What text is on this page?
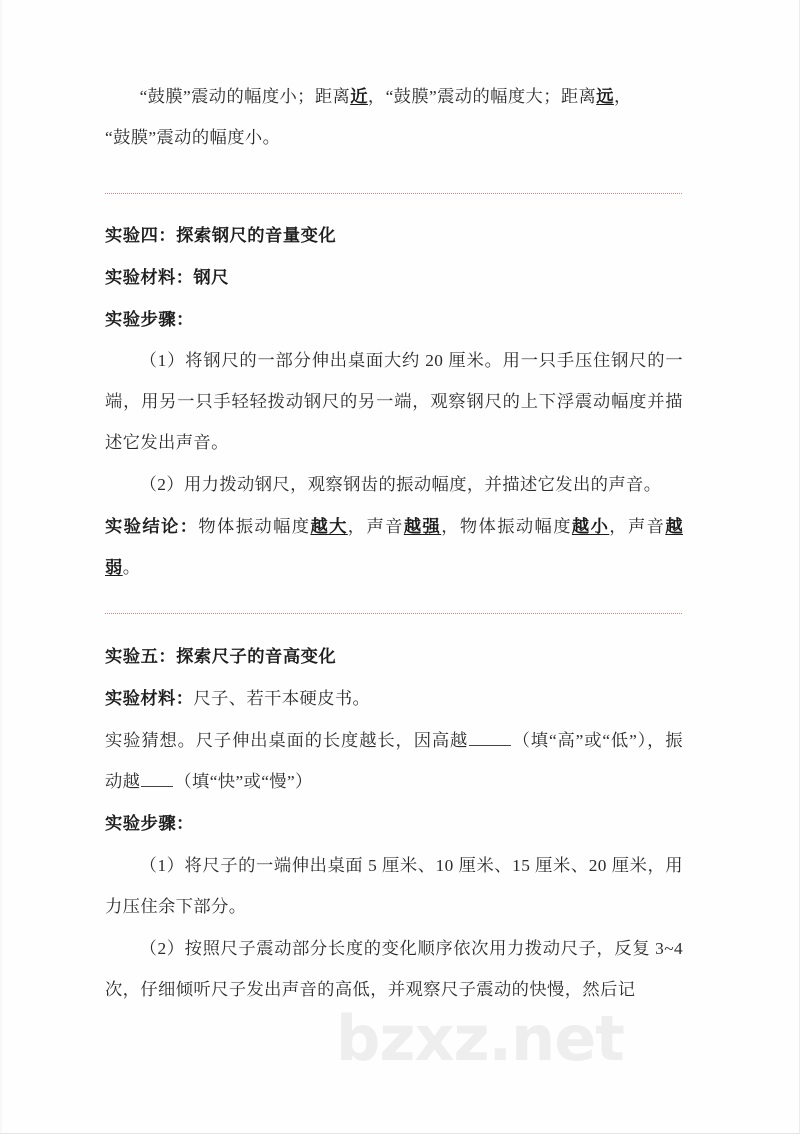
bzxz.net
“鼓膜”震动的幅度小；距离近，“鼓膜”震动的幅度大；距离远，
“鼓膜”震动的幅度小。
实验四：探索钢尺的音量变化
实验材料：钢尺
实验步骤：
（1）将钢尺的一部分伸出桌面大约 20 厘米。用一只手压住钢尺的一端，用另一只手轻轻拨动钢尺的另一端，观察钢尺的上下浮震动幅度并描述它发出声音。
（2）用力拨动钢尺，观察钢齿的振动幅度，并描述它发出的声音。
实验结论：物体振动幅度越大，声音越强，物体振动幅度越小，声音越弱。
实验五：探索尺子的音高变化
实验材料：尺子、若干本硬皮书。
实验猜想。尺子伸出桌面的长度越长，因高越	（填“高”或“低”），振动越 （填“快”或“慢”）
实验步骤：
（1）将尺子的一端伸出桌面 5 厘米、10 厘米、15 厘米、20 厘米，用力压住余下部分。
（2）按照尺子震动部分长度的变化顺序依次用力拨动尺子，反复 3~4 次，仔细倾听尺子发出声音的高低，并观察尺子震动的快慢，然后记
